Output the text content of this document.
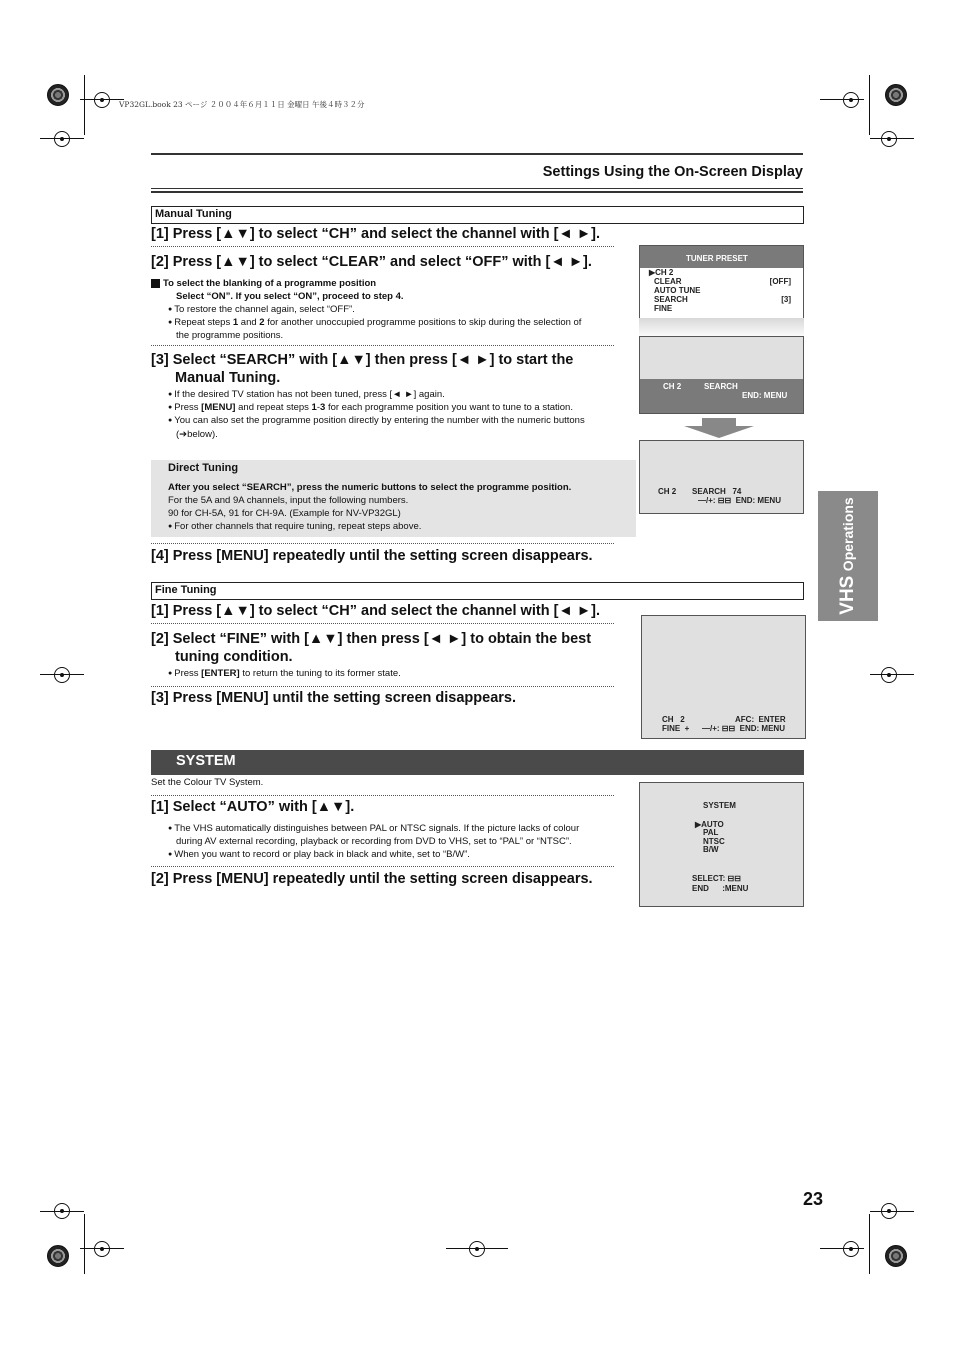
VP32GL.book 23 ページ ２００４年６月１１日 金曜日 午後４時３２分
Settings Using the On-Screen Display
VHS Operations
Manual Tuning
[1] Press [▲▼] to select “CH” and select the channel with [◄ ►].
[2] Press [▲▼] to select “CLEAR” and select “OFF” with [◄ ►].
To select the blanking of a programme position
Select “ON”. If you select “ON”, proceed to step 4.
● To restore the channel again, select “OFF”.
● Repeat steps 1 and 2 for another unoccupied programme positions to skip during the selection of
the programme positions.
[3] Select “SEARCH” with [▲▼] then press [◄ ►] to start the
Manual Tuning.
● If the desired TV station has not been tuned, press [◄ ►] again.
● Press [MENU] and repeat steps 1-3 for each programme position you want to tune to a station.
● You can also set the programme position directly by entering the number with the numeric buttons
(➔below).
Direct Tuning
After you select “SEARCH”, press the numeric buttons to select the programme position.
For the 5A and 9A channels, input the following numbers.
90 for CH-5A, 91 for CH-9A. (Example for NV-VP32GL)
● For other channels that require tuning, repeat steps above.
[4] Press [MENU] repeatedly until the setting screen disappears.
TUNER PRESET
▶CH 2
CLEAR	[OFF]
AUTO TUNE
SEARCH	[3]
FINE
CH 2	SEARCH
END: MENU
CH 2 SEARCH   74
—/+: ⊟⊟  END: MENU
Fine Tuning
[1] Press [▲▼] to select “CH” and select the channel with [◄ ►].
[2] Select “FINE” with [▲▼] then press [◄ ►] to obtain the best
tuning condition.
● Press [ENTER] to return the tuning to its former state.
[3] Press [MENU] until the setting screen disappears.
CH   2	AFC:  ENTER
FINE  + —/+: ⊟⊟  END: MENU
SYSTEM
Set the Colour TV System.
[1] Select “AUTO” with [▲▼].
● The VHS automatically distinguishes between PAL or NTSC signals. If the picture lacks of colour
during AV external recording, playback or recording from DVD to VHS, set to “PAL” or “NTSC”.
● When you want to record or play back in black and white, set to “B/W”.
[2] Press [MENU] repeatedly until the setting screen disappears.
SYSTEM
▶AUTO
PAL
NTSC
B/W
SELECT: ⊟⊟
END      :MENU
23
